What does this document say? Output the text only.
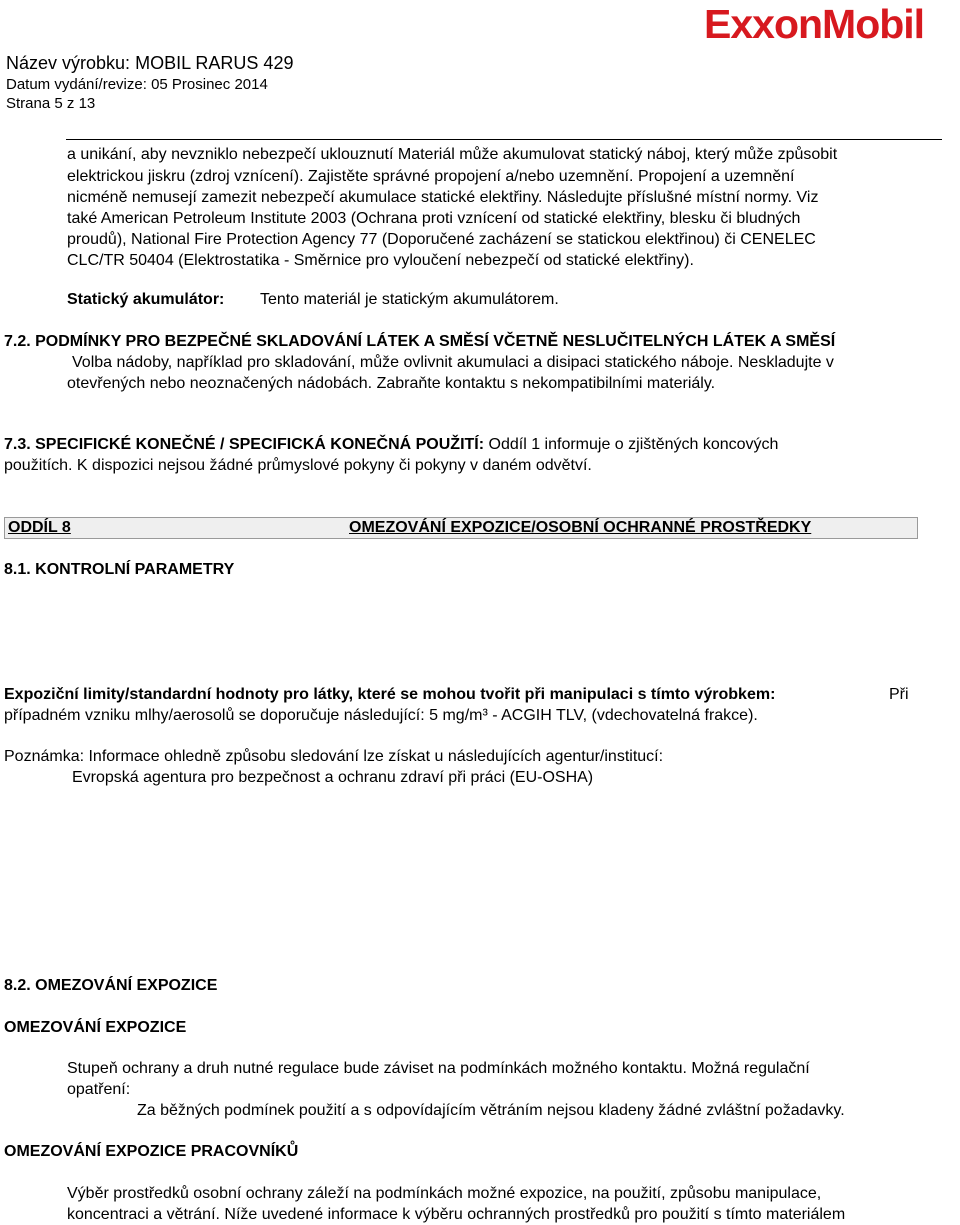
ExxonMobil
Název výrobku: MOBIL RARUS 429
Datum vydání/revize: 05 Prosinec 2014
Strana 5 z 13
a unikání, aby nevzniklo nebezpečí uklouznutí Materiál může akumulovat statický náboj, který může způsobit
elektrickou jiskru (zdroj vznícení). Zajistěte správné propojení a/nebo uzemnění. Propojení a uzemnění
nicméně nemusejí zamezit nebezpečí akumulace statické elektřiny. Následujte příslušné místní normy. Viz
také American Petroleum Institute 2003 (Ochrana proti vznícení od statické elektřiny, blesku či bludných
proudů), National Fire Protection Agency 77 (Doporučené zacházení se statickou elektřinou) či CENELEC
CLC/TR 50404 (Elektrostatika - Směrnice pro vyloučení nebezpečí od statické elektřiny).
Statický akumulátor: Tento materiál je statickým akumulátorem.
7.2. PODMÍNKY PRO BEZPEČNÉ SKLADOVÁNÍ LÁTEK A SMĚSÍ VČETNĚ NESLUČITELNÝCH LÁTEK A SMĚSÍ
Volba nádoby, například pro skladování, může ovlivnit akumulaci a disipaci statického náboje. Neskladujte v
otevřených nebo neoznačených nádobách. Zabraňte kontaktu s nekompatibilními materiály.
7.3. SPECIFICKÉ KONEČNÉ / SPECIFICKÁ KONEČNÁ POUŽITÍ: Oddíl 1 informuje o zjištěných koncových
použitích. K dispozici nejsou žádné průmyslové pokyny či pokyny v daném odvětví.
ODDÍL 8	OMEZOVÁNÍ EXPOZICE/OSOBNÍ OCHRANNÉ PROSTŘEDKY
8.1. KONTROLNÍ PARAMETRY
Expoziční limity/standardní hodnoty pro látky, které se mohou tvořit při manipulaci s tímto výrobkem:	Při
případném vzniku mlhy/aerosolů se doporučuje následující: 5 mg/m³ - ACGIH TLV, (vdechovatelná frakce).
Poznámka: Informace ohledně způsobu sledování lze získat u následujících agentur/institucí:
Evropská agentura pro bezpečnost a ochranu zdraví při práci (EU-OSHA)
8.2. OMEZOVÁNÍ EXPOZICE
OMEZOVÁNÍ EXPOZICE
Stupeň ochrany a druh nutné regulace bude záviset na podmínkách možného kontaktu. Možná regulační
opatření:
Za běžných podmínek použití a s odpovídajícím větráním nejsou kladeny žádné zvláštní požadavky.
OMEZOVÁNÍ EXPOZICE PRACOVNÍKŮ
Výběr prostředků osobní ochrany záleží na podmínkách možné expozice, na použití, způsobu manipulace,
koncentraci a větrání. Níže uvedené informace k výběru ochranných prostředků pro použití s tímto materiálem
